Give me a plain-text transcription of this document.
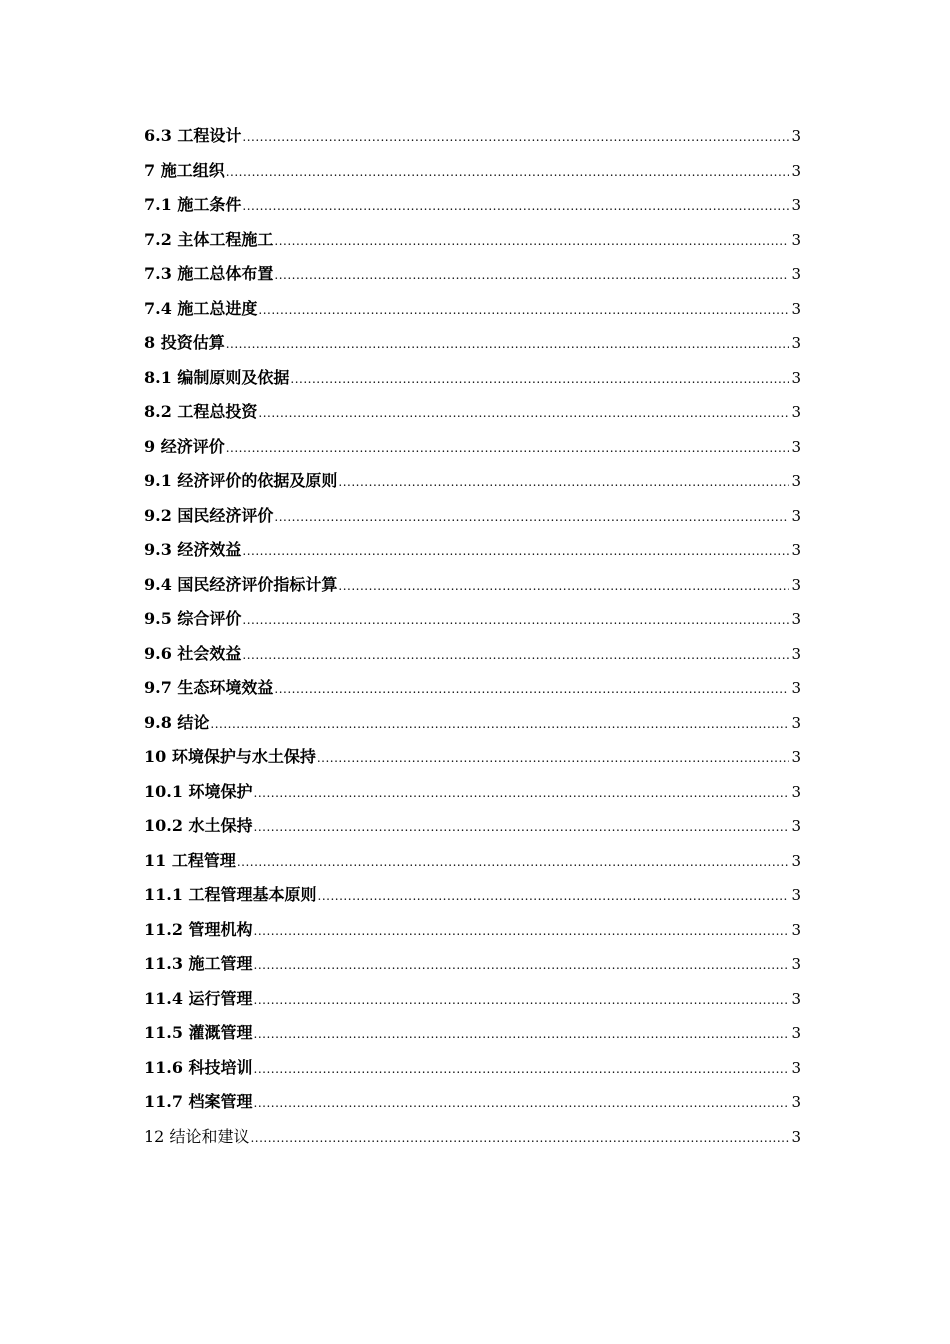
6.3 工程设计 .....	3
7 施工组织 .....	3
7.1 施工条件 .....	3
7.2 主体工程施工 .....	3
7.3 施工总体布置 .....	3
7.4 施工总进度 .....	3
8 投资估算 .....	3
8.1 编制原则及依据 .....	3
8.2 工程总投资 .....	3
9 经济评价 .....	3
9.1 经济评价的依据及原则 .....	3
9.2 国民经济评价 .....	3
9.3 经济效益 .....	3
9.4 国民经济评价指标计算 .....	3
9.5 综合评价 .....	3
9.6 社会效益 .....	3
9.7 生态环境效益 .....	3
9.8 结论 .....	3
10 环境保护与水土保持 .....	3
10.1 环境保护 .....	3
10.2 水土保持 .....	3
11 工程管理 .....	3
11.1 工程管理基本原则 .....	3
11.2 管理机构 .....	3
11.3 施工管理 .....	3
11.4 运行管理 .....	3
11.5 灌溉管理 .....	3
11.6 科技培训 .....	3
11.7 档案管理 .....	3
12 结论和建议 .....	3
